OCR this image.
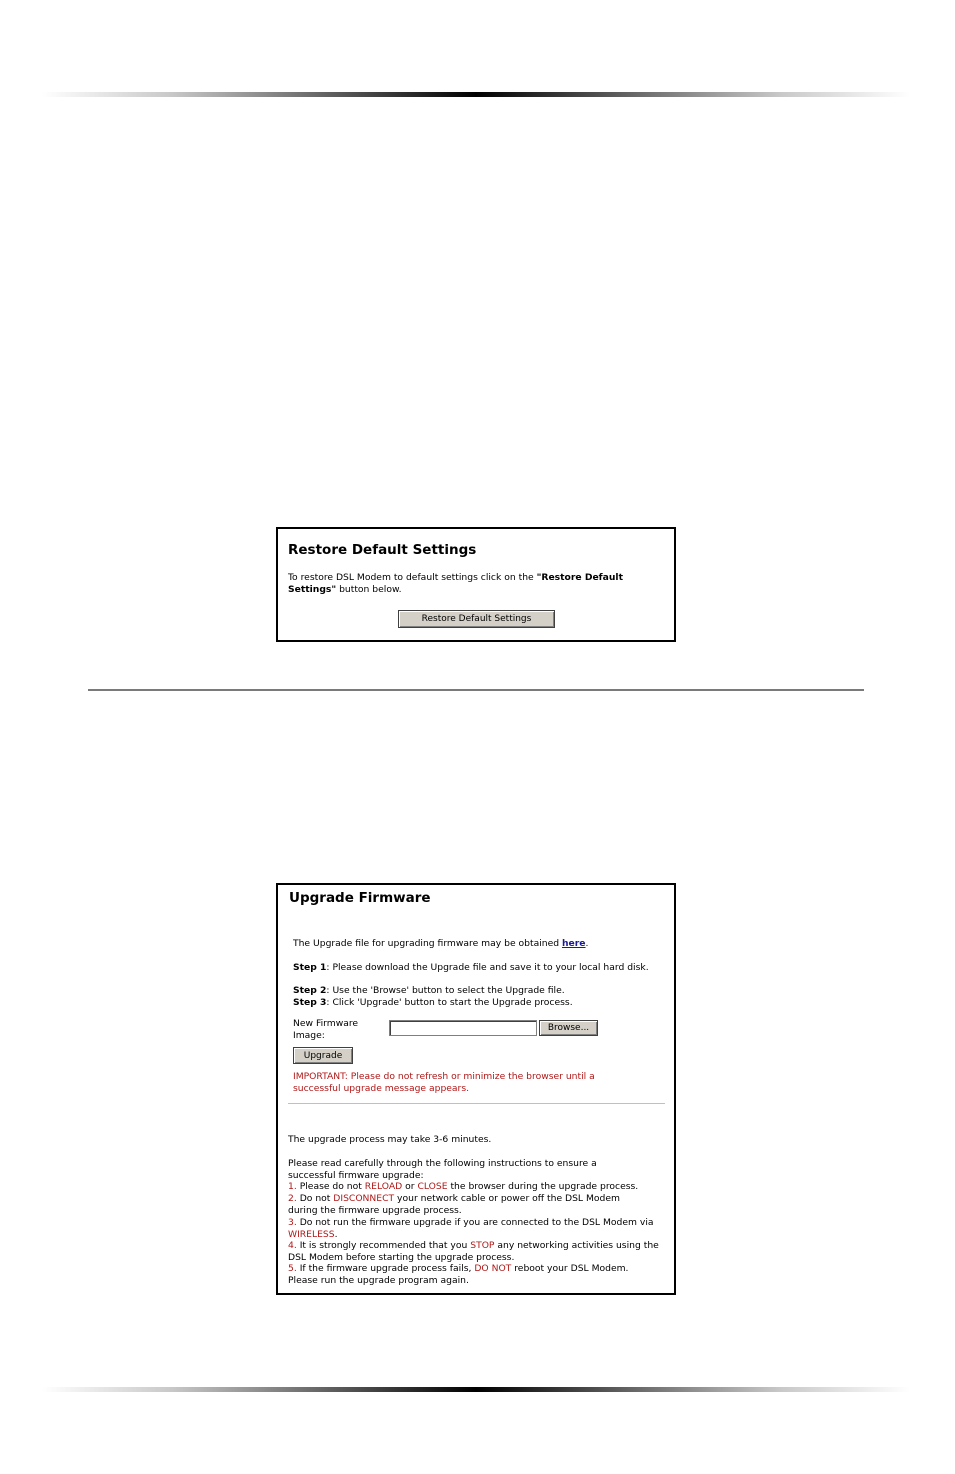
Restore Default Settings
To restore DSL Modem to default settings click on the "Restore Default Settings" button below.
Restore Default Settings
Upgrade Firmware
The Upgrade file for upgrading firmware may be obtained here.
Step 1: Please download the Upgrade file and save it to your local hard disk.
Step 2: Use the 'Browse' button to select the Upgrade file.
Step 3: Click 'Upgrade' button to start the Upgrade process.
New Firmware Image:
Browse...
Upgrade
IMPORTANT: Please do not refresh or minimize the browser until a successful upgrade message appears.
The upgrade process may take 3-6 minutes.
Please read carefully through the following instructions to ensure a successful firmware upgrade:
1. Please do not RELOAD or CLOSE the browser during the upgrade process.
2. Do not DISCONNECT your network cable or power off the DSL Modem during the firmware upgrade process.
3. Do not run the firmware upgrade if you are connected to the DSL Modem via WIRELESS.
4. It is strongly recommended that you STOP any networking activities using the DSL Modem before starting the upgrade process.
5. If the firmware upgrade process fails, DO NOT reboot your DSL Modem. Please run the upgrade program again.
